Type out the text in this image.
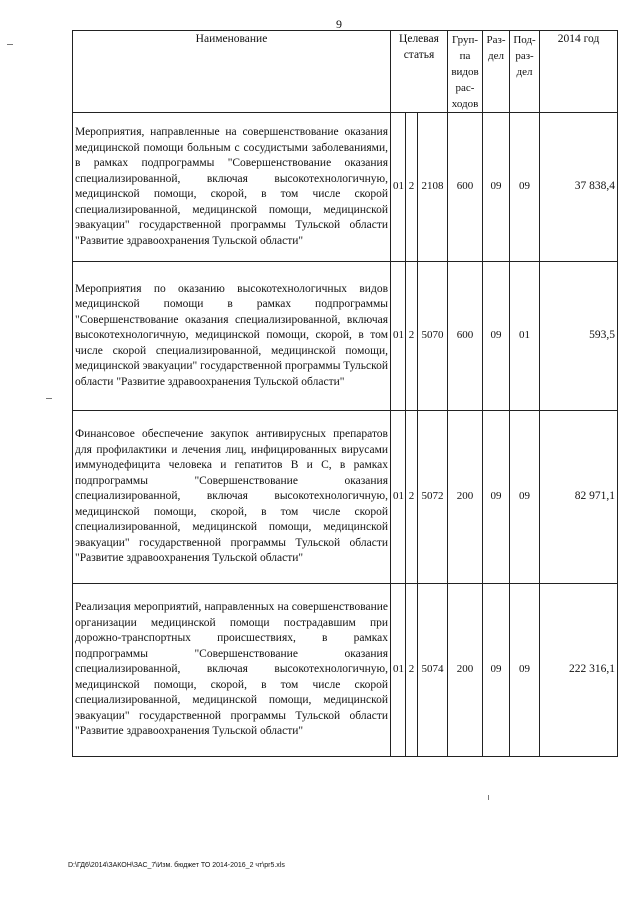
9
Наименование	Целевая статья			Груп-па видов рас-ходов	Раз-дел	Под-раз-дел	2014 год
Мероприятия, направленные на совершенствование оказания медицинской помощи больным с сосудистыми заболеваниями, в рамках подпрограммы "Совершенствование оказания специализированной, включая высокотехнологичную, медицинской помощи, скорой, в том числе скорой специализированной, медицинской помощи, медицинской эвакуации" государственной программы Тульской области "Развитие здравоохранения Тульской области"	01	2	2108	600	09	09	37 838,4
Мероприятия по оказанию высокотехнологичных видов медицинской помощи в рамках подпрограммы "Совершенствование оказания специализированной, включая высокотехнологичную, медицинской помощи, скорой, в том числе скорой специализированной, медицинской помощи, медицинской эвакуации" государственной программы Тульской области "Развитие здравоохранения Тульской области"	01	2	5070	600	09	01	593,5
Финансовое обеспечение закупок антивирусных препаратов для профилактики и лечения лиц, инфицированных вирусами иммунодефицита человека и гепатитов В и С, в рамках подпрограммы "Совершенствование оказания специализированной, включая высокотехнологичную, медицинской помощи, скорой, в том числе скорой специализированной, медицинской помощи, медицинской эвакуации" государственной программы Тульской области "Развитие здравоохранения Тульской области"	01	2	5072	200	09	09	82 971,1
Реализация мероприятий, направленных на совершенствование организации медицинской помощи пострадавшим при дорожно-транспортных происшествиях, в рамках подпрограммы "Совершенствование оказания специализированной, включая высокотехнологичную, медицинской помощи, скорой, в том числе скорой специализированной, медицинской помощи, медицинской эвакуации" государственной программы Тульской области "Развитие здравоохранения Тульской области"	01	2	5074	200	09	09	222 316,1
D:\ГД6\2014\ЗАКОН\ЗАС_7\Изм. бюджет ТО 2014-2016_2 чт\pr5.xls
